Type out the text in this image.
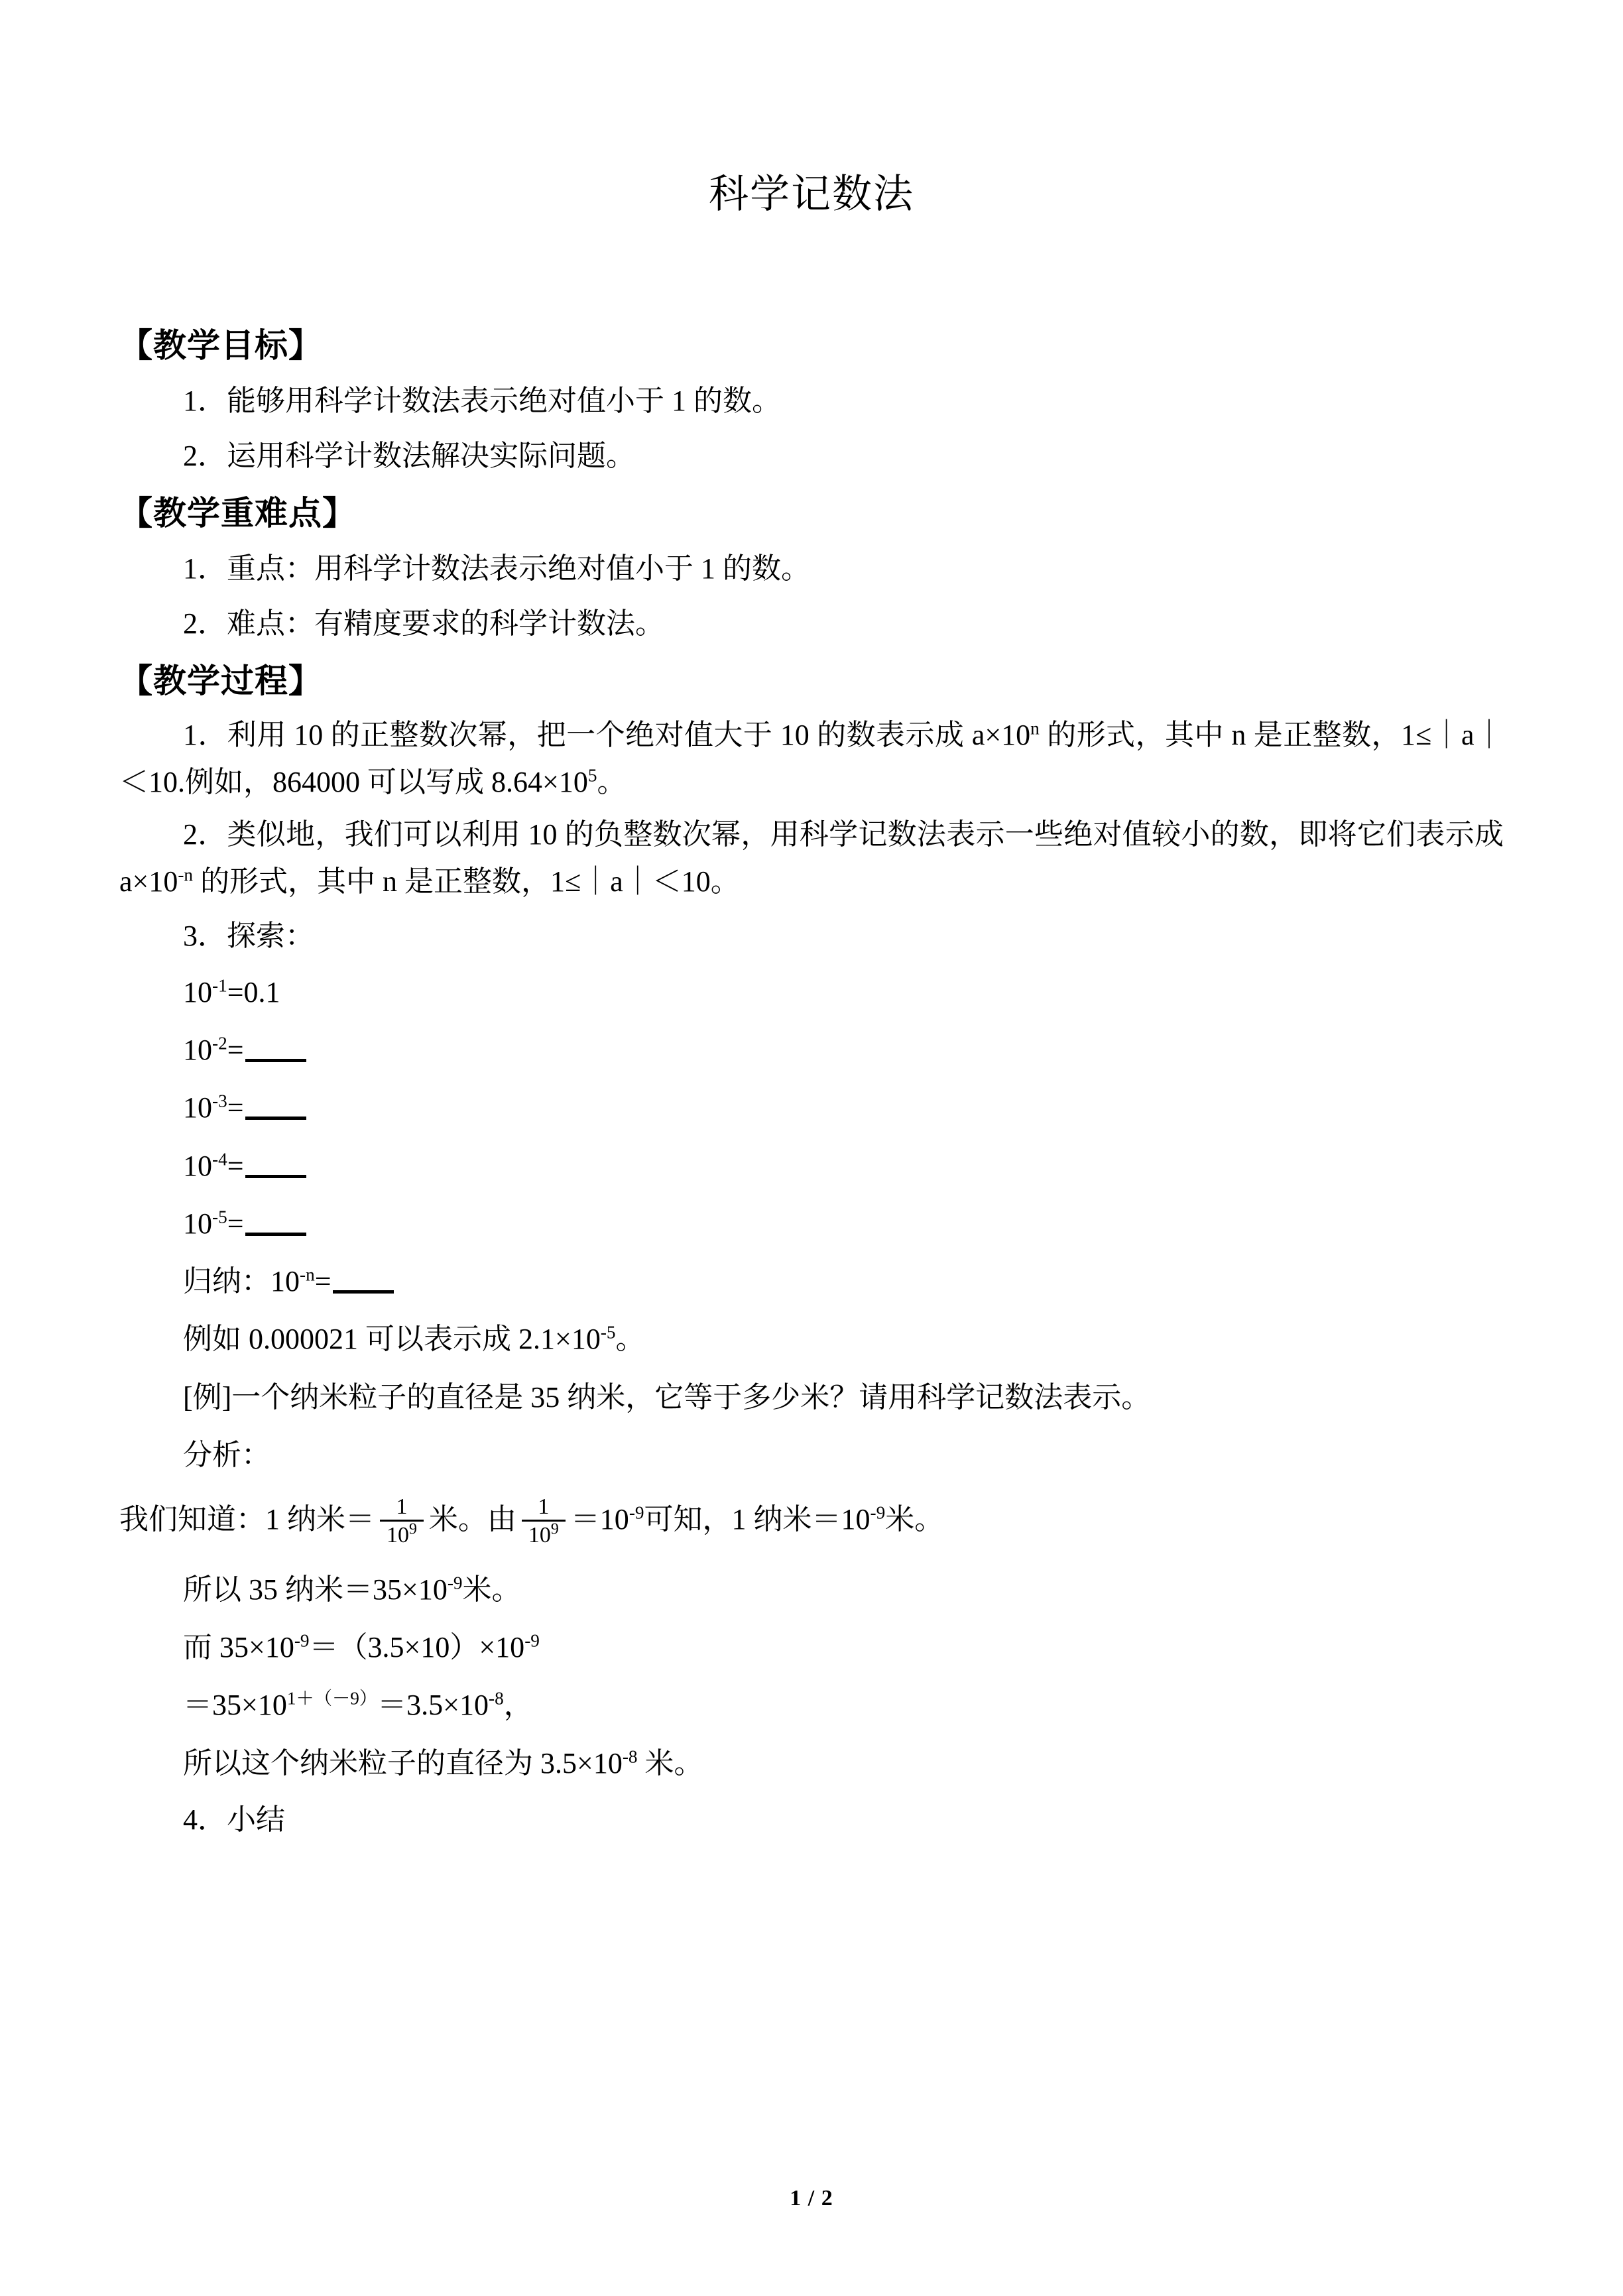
科学记数法
【教学目标】

1．能够用科学计数法表示绝对值小于 1 的数。

2．运用科学计数法解决实际问题。

【教学重难点】

1．重点：用科学计数法表示绝对值小于 1 的数。

2．难点：有精度要求的科学计数法。

【教学过程】

1．利用 10 的正整数次幂，把一个绝对值大于 10 的数表示成 $a\times 10^n$ 的形式，其中 n 是正整数，1≤｜a｜＜10.例如，864000 可以写成 $8.64\times 10^5$。

2．类似地，我们可以利用 10 的负整数次幂，用科学记数法表示一些绝对值较小的数，即将它们表示成 $a\times 10^{-n}$ 的形式，其中 n 是正整数，1≤｜a｜＜10。

3．探索：

$10^{-1}=0.1$

$10^{-2}=$

$10^{-3}=$

$10^{-4}=$

$10^{-5}=$

归纳：$10^{-n}=$

例如 0.000021 可以表示成 $2.1\times 10^{-5}$。

[例]一个纳米粒子的直径是 35 纳米，它等于多少米？请用科学记数法表示。

分析：

我们知道：1 纳米＝ $\frac{1}{10^9}$ 米。由 $\frac{1}{10^9} =10^{-9}$可知，1 纳米$=10^{-9}$米。

所以 35 纳米$=35\times 10^{-9}$米。

而 $35\times 10^{-9}=(3.5\times 10)\times 10^{-9}$

$=35\times 10^{1+(-9)}=3.5\times 10^{-8}$，

所以这个纳米粒子的直径为 $3.5\times 10^{-8}$ 米。

4．小结

1 / 2
